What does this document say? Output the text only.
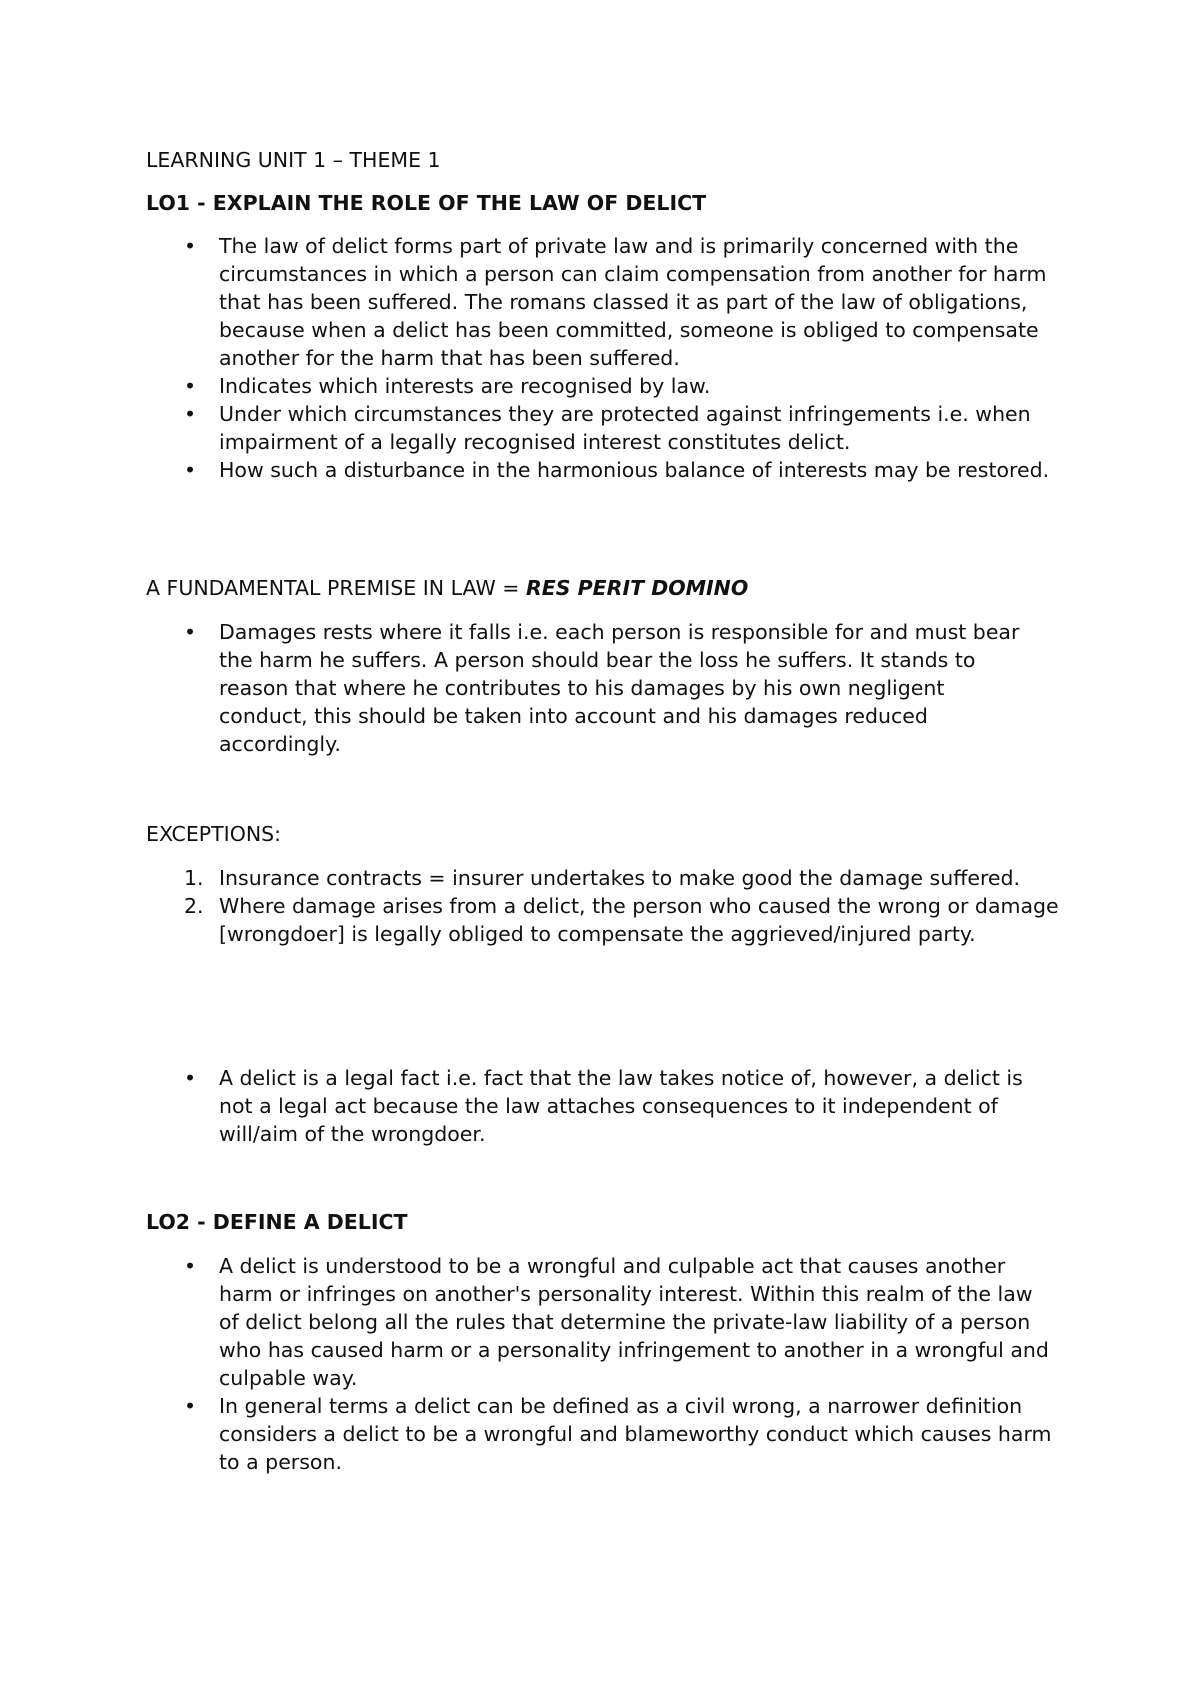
LEARNING UNIT 1 – THEME 1
LO1 - EXPLAIN THE ROLE OF THE LAW OF DELICT
• The law of delict forms part of private law and is primarily concerned with the circumstances in which a person can claim compensation from another for harm that has been suffered. The romans classed it as part of the law of obligations, because when a delict has been committed, someone is obliged to compensate another for the harm that has been suffered.
• Indicates which interests are recognised by law.
• Under which circumstances they are protected against infringements i.e. when impairment of a legally recognised interest constitutes delict.
• How such a disturbance in the harmonious balance of interests may be restored.
A FUNDAMENTAL PREMISE IN LAW = RES PERIT DOMINO
• Damages rests where it falls i.e. each person is responsible for and must bear the harm he suffers. A person should bear the loss he suffers. It stands to reason that where he contributes to his damages by his own negligent conduct, this should be taken into account and his damages reduced accordingly.
EXCEPTIONS:
1. Insurance contracts = insurer undertakes to make good the damage suffered.
2. Where damage arises from a delict, the person who caused the wrong or damage [wrongdoer] is legally obliged to compensate the aggrieved/injured party.
• A delict is a legal fact i.e. fact that the law takes notice of, however, a delict is not a legal act because the law attaches consequences to it independent of will/aim of the wrongdoer.
LO2 - DEFINE A DELICT
• A delict is understood to be a wrongful and culpable act that causes another harm or infringes on another's personality interest. Within this realm of the law of delict belong all the rules that determine the private-law liability of a person who has caused harm or a personality infringement to another in a wrongful and culpable way.
• In general terms a delict can be defined as a civil wrong, a narrower definition considers a delict to be a wrongful and blameworthy conduct which causes harm to a person.
